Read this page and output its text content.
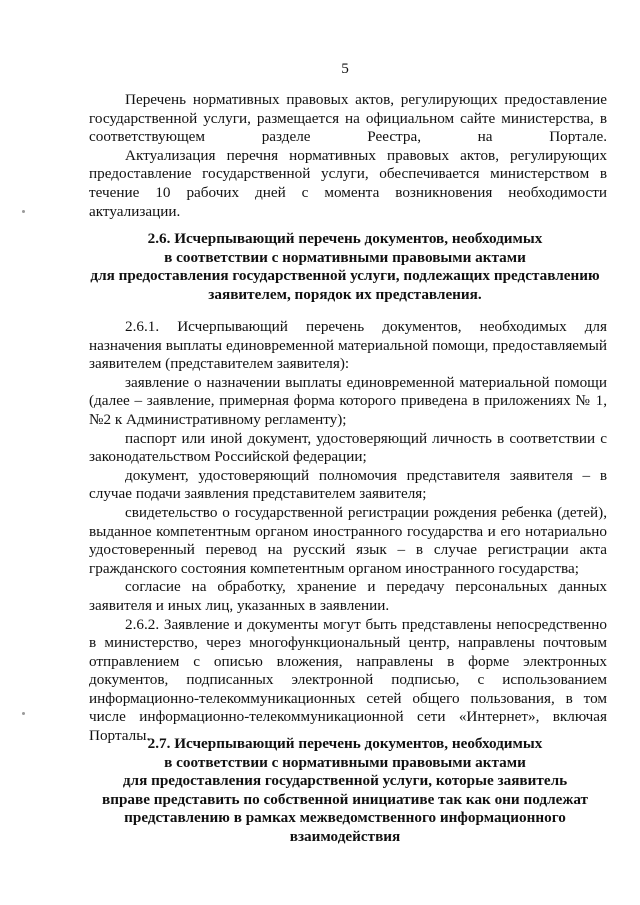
5

Перечень нормативных правовых актов, регулирующих предоставление государственной услуги, размещается на официальном сайте министерства, в соответствующем разделе Реестра, на Портале.

Актуализация перечня нормативных правовых актов, регулирующих предоставление государственной услуги, обеспечивается министерством в течение 10 рабочих дней с момента возникновения необходимости актуализации.

2.6. Исчерпывающий перечень документов, необходимых
в соответствии с нормативными правовыми актами
для предоставления государственной услуги, подлежащих представлению
заявителем, порядок их представления.

2.6.1. Исчерпывающий перечень документов, необходимых для назначения выплаты единовременной материальной помощи, предоставляемый заявителем (представителем заявителя):

заявление о назначении выплаты единовременной материальной помощи (далее – заявление, примерная форма которого приведена в приложениях № 1, №2 к Административному регламенту);

паспорт или иной документ, удостоверяющий личность в соответствии с законодательством Российской федерации;

документ, удостоверяющий полномочия представителя заявителя – в случае подачи заявления представителем заявителя;

свидетельство о государственной регистрации рождения ребенка (детей), выданное компетентным органом иностранного государства и его нотариально удостоверенный перевод на русский язык – в случае регистрации акта гражданского состояния компетентным органом иностранного государства;

согласие на обработку, хранение и передачу персональных данных заявителя и иных лиц, указанных в заявлении.

2.6.2. Заявление и документы могут быть представлены непосредственно в министерство, через многофункциональный центр, направлены почтовым отправлением с описью вложения, направлены в форме электронных документов, подписанных электронной подписью, с использованием информационно-телекоммуникационных сетей общего пользования, в том числе информационно-телекоммуникационной сети «Интернет», включая Порталы.

2.7. Исчерпывающий перечень документов, необходимых
в соответствии с нормативными правовыми актами
для предоставления государственной услуги, которые заявитель
вправе представить по собственной инициативе так как они подлежат
представлению в рамках межведомственного информационного
взаимодействия
